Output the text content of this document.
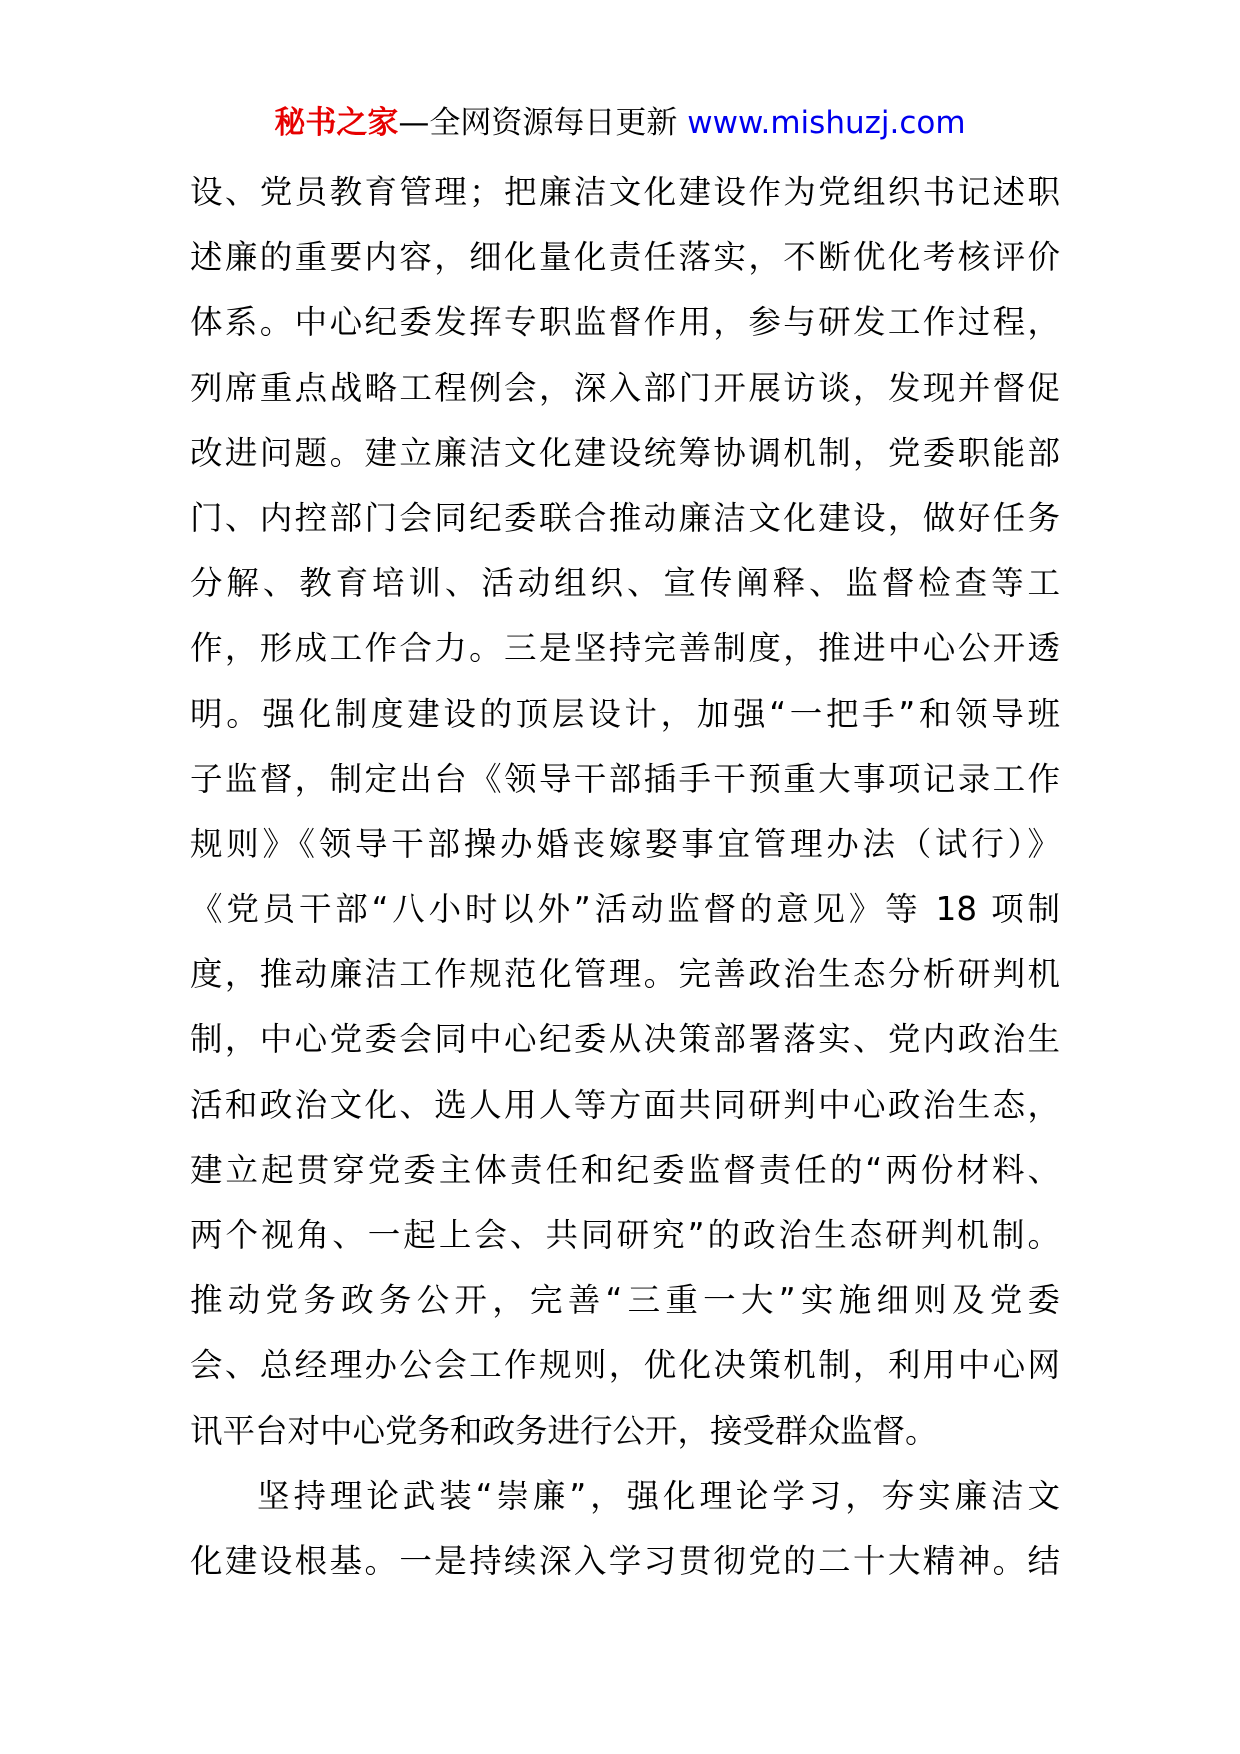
秘书之家—全网资源每日更新 www.mishuzj.com
设、党员教育管理；把廉洁文化建设作为党组织书记述职
述廉的重要内容，细化量化责任落实，不断优化考核评价
体系。中心纪委发挥专职监督作用，参与研发工作过程，
列席重点战略工程例会，深入部门开展访谈，发现并督促
改进问题。建立廉洁文化建设统筹协调机制，党委职能部
门、内控部门会同纪委联合推动廉洁文化建设，做好任务
分解、教育培训、活动组织、宣传阐释、监督检查等工
作，形成工作合力。三是坚持完善制度，推进中心公开透
明。强化制度建设的顶层设计，加强“一把手”和领导班
子监督，制定出台《领导干部插手干预重大事项记录工作
规则》《领导干部操办婚丧嫁娶事宜管理办法（试行）》
《党员干部“八小时以外”活动监督的意见》等 18 项制
度，推动廉洁工作规范化管理。完善政治生态分析研判机
制，中心党委会同中心纪委从决策部署落实、党内政治生
活和政治文化、选人用人等方面共同研判中心政治生态，
建立起贯穿党委主体责任和纪委监督责任的“两份材料、
两个视角、一起上会、共同研究”的政治生态研判机制。
推动党务政务公开，完善“三重一大”实施细则及党委
会、总经理办公会工作规则，优化决策机制，利用中心网
讯平台对中心党务和政务进行公开，接受群众监督。
坚持理论武装“崇廉”，强化理论学习，夯实廉洁文
化建设根基。一是持续深入学习贯彻党的二十大精神。结
